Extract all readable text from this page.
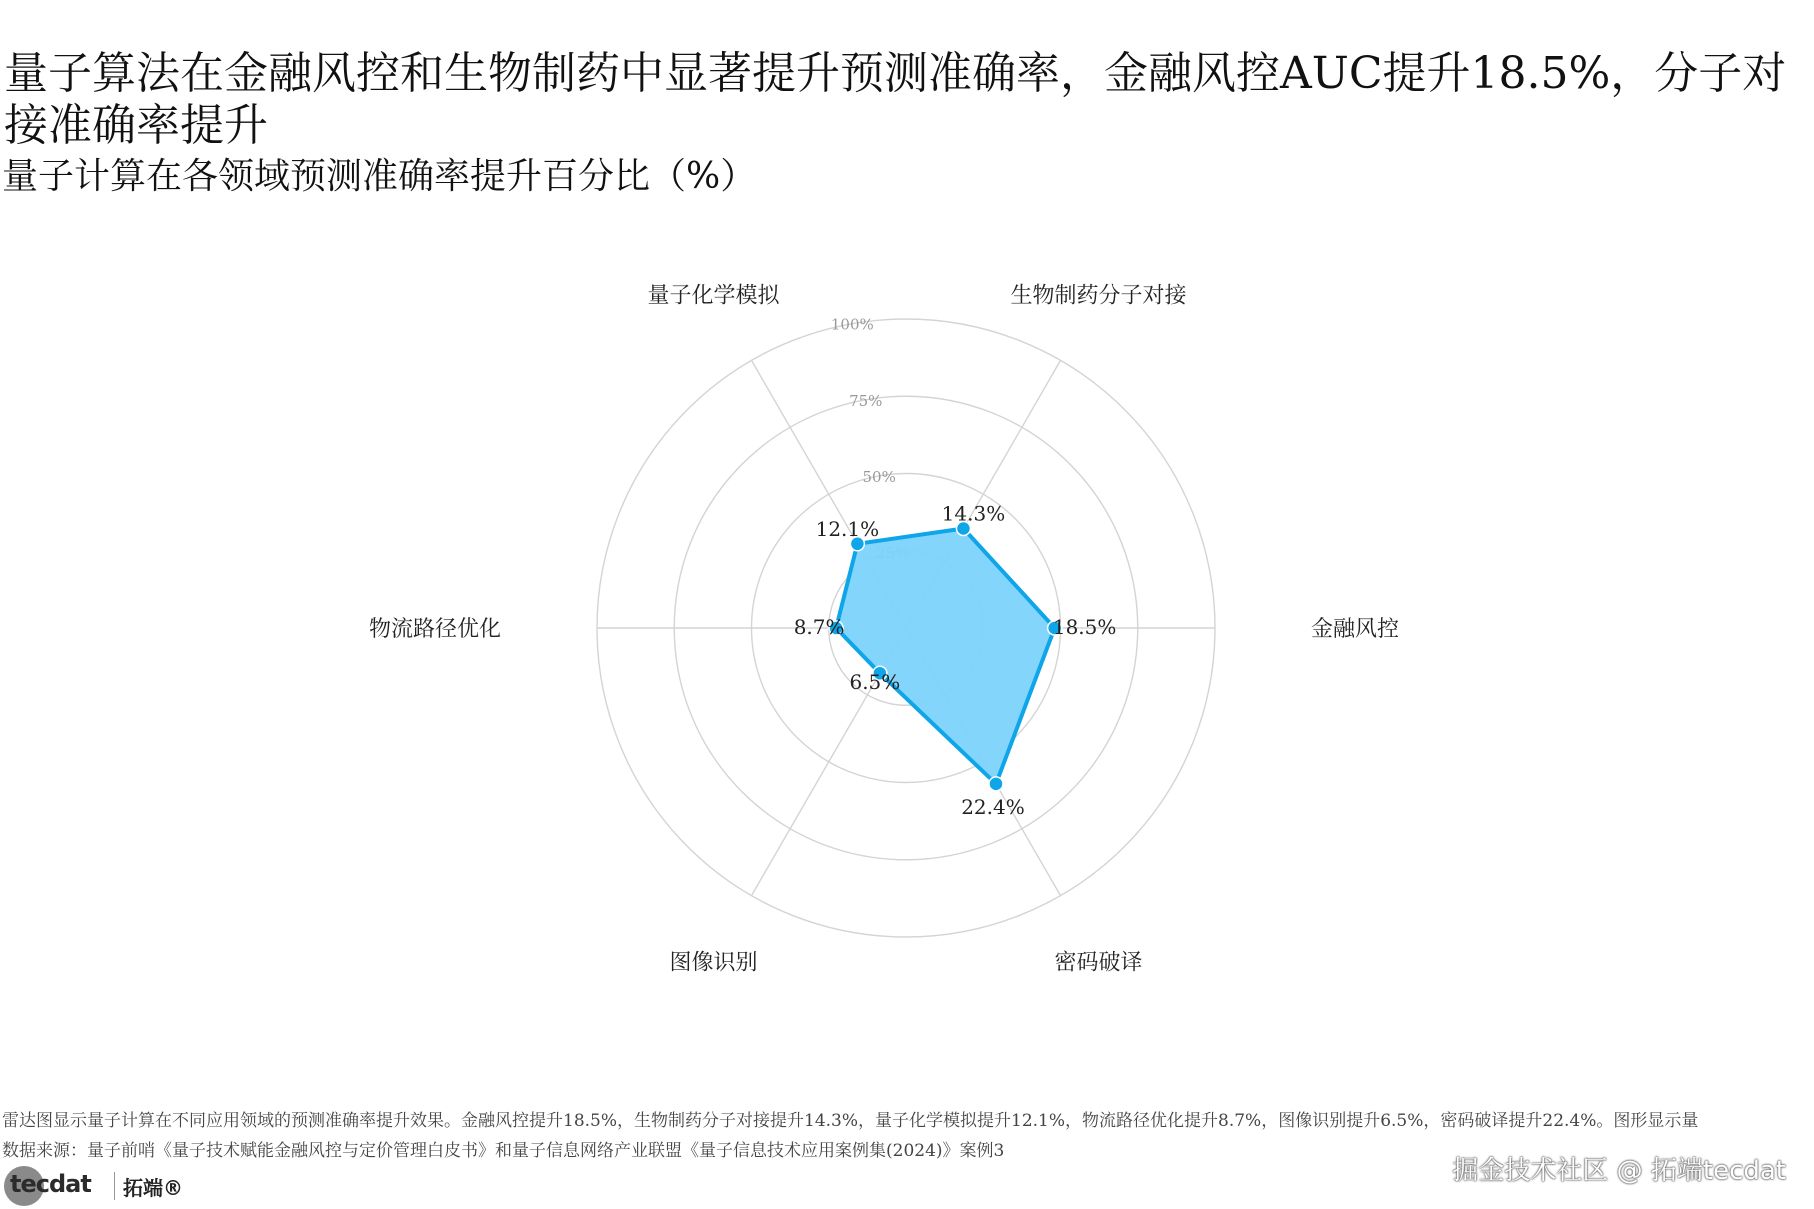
量子算法在金融风控和生物制药中显著提升预测准确率，金融风控AUC提升18.5%，分子对接准确率提升
量子计算在各领域预测准确率提升百分比（%）
50%
75%
100%
18.5%
14.3%
12.1%
8.7%
6.5%
22.4%
金融风控
生物制药分子对接
量子化学模拟
物流路径优化
图像识别	密码破译
雷达图显示量子计算在不同应用领域的预测准确率提升效果。金融风控提升18.5%，生物制药分子对接提升14.3%，量子化学模拟提升12.1%，物流路径优化提升8.7%，图像识别提升6.5%，密码破译提升22.4%。图形显示量
数据来源：量子前哨《量子技术赋能金融风控与定价管理白皮书》和量子信息网络产业联盟《量子信息技术应用案例集(2024)》案例3
tecdat 拓端®
掘金技术社区 @ 拓端tecdat
